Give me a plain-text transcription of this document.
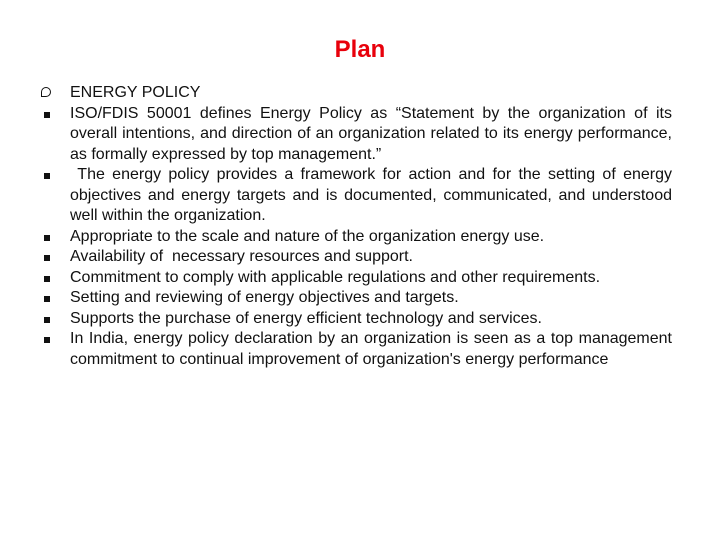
Plan
ENERGY POLICY
ISO/FDIS 50001 defines Energy Policy as “Statement by the organization of its overall intentions, and direction of an organization related to its energy performance, as formally expressed by top management.”
The energy policy provides a framework for action and for the setting of energy objectives and energy targets and is documented, communicated, and understood well within the organization.
Appropriate to the scale and nature of the organization energy use.
Availability of  necessary resources and support.
Commitment to comply with applicable regulations and other requirements.
Setting and reviewing of energy objectives and targets.
Supports the purchase of energy efficient technology and services.
In India, energy policy declaration by an organization is seen as a top management commitment to continual improvement of organization's energy performance
